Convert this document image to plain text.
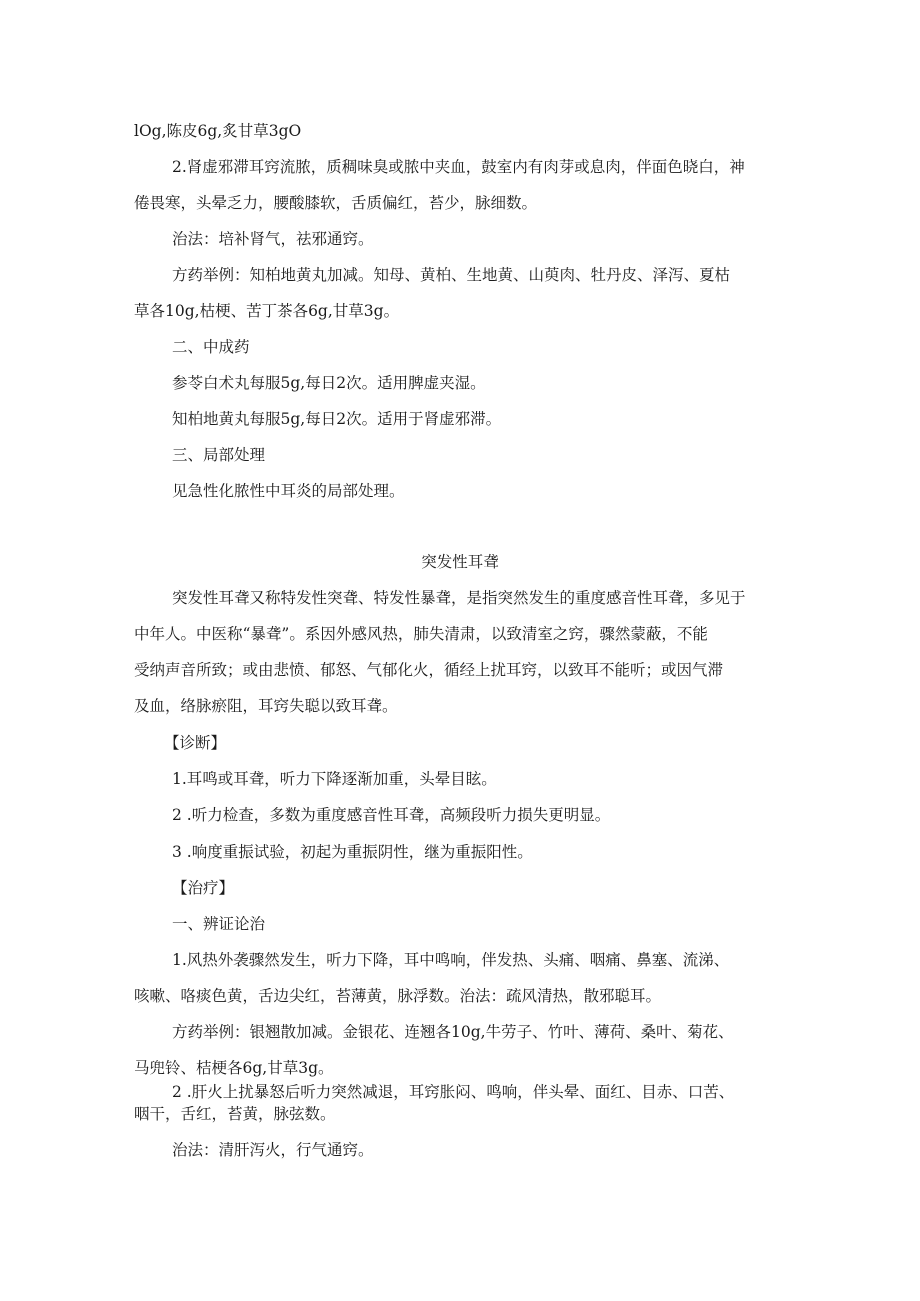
lOg,陈皮6g,炙甘草3gO
2.肾虚邪滞耳窍流脓，质稠味臭或脓中夹血，鼓室内有肉芽或息肉，伴面色晓白，神
倦畏寒，头晕乏力，腰酸膝软，舌质偏红，苔少，脉细数。
治法：培补肾气，祛邪通窍。
方药举例：知柏地黄丸加减。知母、黄柏、生地黄、山萸肉、牡丹皮、泽泻、夏枯
草各10g,枯梗、苦丁茶各6g,甘草3g。
二、中成药
参苓白术丸每服5g,每日2次。适用脾虚夹湿。
知柏地黄丸每服5g,每日2次。适用于肾虚邪滞。
三、局部处理
见急性化脓性中耳炎的局部处理。
突发性耳聋
突发性耳聋又称特发性突聋、特发性暴聋，是指突然发生的重度感音性耳聋，多见于
中年人。中医称“暴聋”。系因外感风热，肺失清肃，以致清室之窍，骤然蒙蔽，不能
受纳声音所致；或由悲愤、郁怒、气郁化火，循经上扰耳窍，以致耳不能听；或因气滞
及血，络脉瘀阻，耳窍失聪以致耳聋。
【诊断】
1.耳鸣或耳聋，听力下降逐渐加重，头晕目眩。
2 .听力检查，多数为重度感音性耳聋，高频段听力损失更明显。
3 .响度重振试验，初起为重振阴性，继为重振阳性。
【治疗】
一、辨证论治
1.风热外袭骤然发生，听力下降，耳中鸣响，伴发热、头痛、咽痛、鼻塞、流涕、
咳嗽、咯痰色黄，舌边尖红，苔薄黄，脉浮数。治法：疏风清热，散邪聪耳。
方药举例：银翘散加减。金银花、连翘各10g,牛劳子、竹叶、薄荷、桑叶、菊花、
马兜铃、桔梗各6g,甘草3g。
2 .肝火上扰暴怒后听力突然减退，耳窍胀闷、鸣响，伴头晕、面红、目赤、口苦、
咽干，舌红，苔黄，脉弦数。
治法：清肝泻火，行气通窍。
